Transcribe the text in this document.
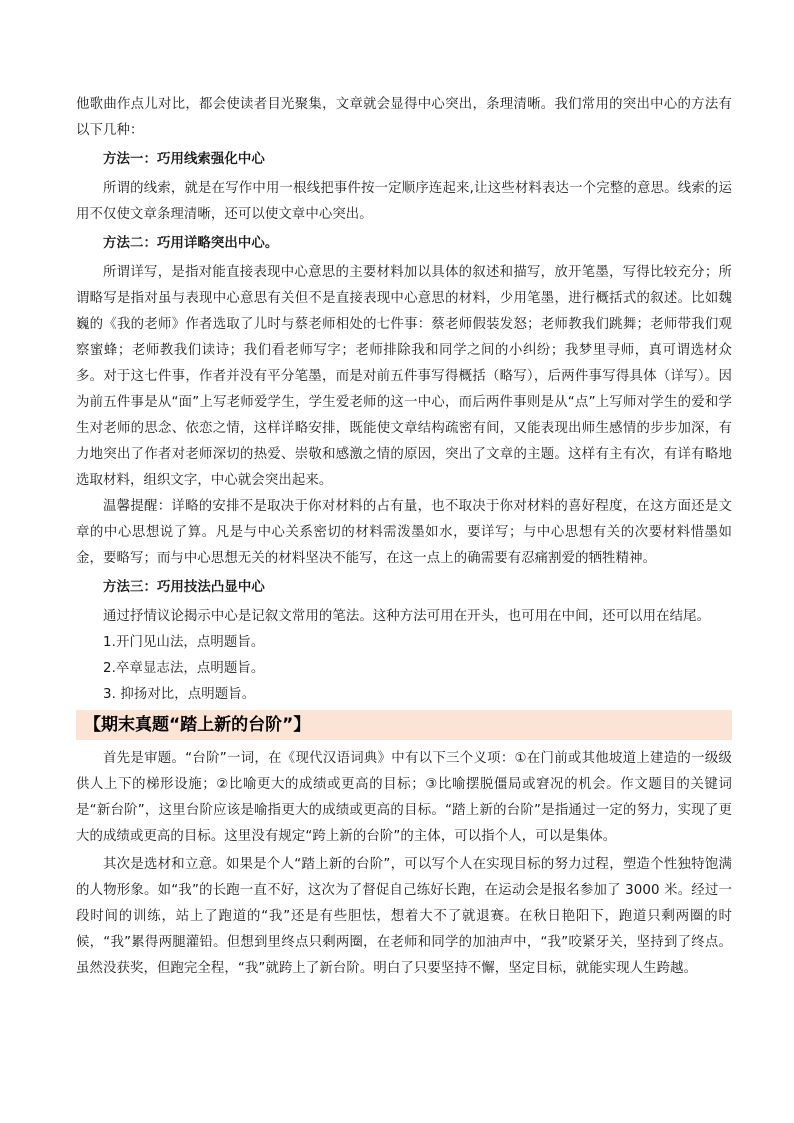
他歌曲作点儿对比，都会使读者目光聚集，文章就会显得中心突出，条理清晰。我们常用的突出中心的方法有以下几种：

方法一：巧用线索强化中心

所谓的线索，就是在写作中用一根线把事件按一定顺序连起来,让这些材料表达一个完整的意思。线索的运用不仅使文章条理清晰，还可以使文章中心突出。

方法二：巧用详略突出中心。

所谓详写，是指对能直接表现中心意思的主要材料加以具体的叙述和描写，放开笔墨，写得比较充分；所谓略写是指对虽与表现中心意思有关但不是直接表现中心意思的材料，少用笔墨，进行概括式的叙述。比如魏巍的《我的老师》作者选取了儿时与蔡老师相处的七件事：蔡老师假装发怒；老师教我们跳舞；老师带我们观察蜜蜂；老师教我们读诗；我们看老师写字；老师排除我和同学之间的小纠纷；我梦里寻师，真可谓选材众多。对于这七件事，作者并没有平分笔墨，而是对前五件事写得概括（略写），后两件事写得具体（详写）。因为前五件事是从“面”上写老师爱学生，学生爱老师的这一中心，而后两件事则是从“点”上写师对学生的爱和学生对老师的思念、依恋之情，这样详略安排，既能使文章结构疏密有间，又能表现出师生感情的步步加深，有力地突出了作者对老师深切的热爱、崇敬和感激之情的原因，突出了文章的主题。这样有主有次，有详有略地选取材料，组织文字，中心就会突出起来。

温馨提醒：详略的安排不是取决于你对材料的占有量，也不取决于你对材料的喜好程度，在这方面还是文章的中心思想说了算。凡是与中心关系密切的材料需泼墨如水，要详写；与中心思想有关的次要材料惜墨如金，要略写；而与中心思想无关的材料坚决不能写，在这一点上的确需要有忍痛割爱的牺牲精神。

方法三：巧用技法凸显中心

通过抒情议论揭示中心是记叙文常用的笔法。这种方法可用在开头，也可用在中间，还可以用在结尾。

1.开门见山法，点明题旨。

2.卒章显志法，点明题旨。

3. 抑扬对比，点明题旨。

【期末真题“踏上新的台阶”】

首先是审题。“台阶”一词，在《现代汉语词典》中有以下三个义项：①在门前或其他坡道上建造的一级级供人上下的梯形设施；②比喻更大的成绩或更高的目标；③比喻摆脱僵局或窘况的机会。作文题目的关键词是“新台阶”，这里台阶应该是喻指更大的成绩或更高的目标。“踏上新的台阶”是指通过一定的努力，实现了更大的成绩或更高的目标。这里没有规定“跨上新的台阶”的主体，可以指个人，可以是集体。

其次是选材和立意。如果是个人“踏上新的台阶”，可以写个人在实现目标的努力过程，塑造个性独特饱满的人物形象。如“我”的长跑一直不好，这次为了督促自己练好长跑，在运动会是报名参加了 3000 米。经过一段时间的训练，站上了跑道的“我”还是有些胆怯，想着大不了就退赛。在秋日艳阳下，跑道只剩两圈的时候，“我”累得两腿灌铅。但想到里终点只剩两圈，在老师和同学的加油声中，“我”咬紧牙关，坚持到了终点。虽然没获奖，但跑完全程，“我”就跨上了新台阶。明白了只要坚持不懈，坚定目标，就能实现人生跨越。
